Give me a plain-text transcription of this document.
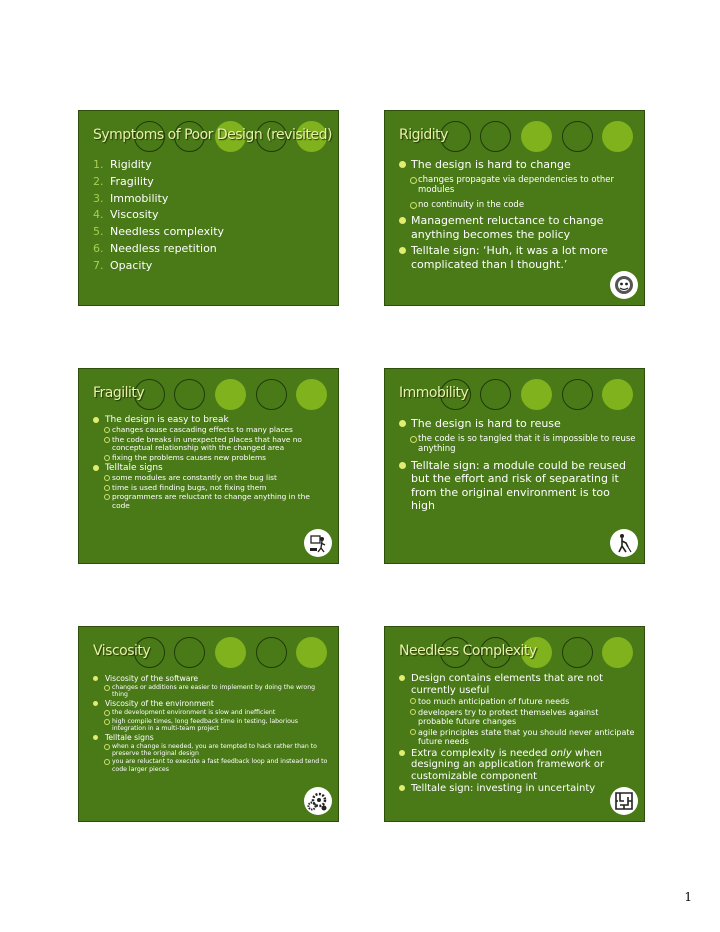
Symptoms of Poor Design (revisited)
1. Rigidity
2. Fragility
3. Immobility
4. Viscosity
5. Needless complexity
6. Needless repetition
7. Opacity
Rigidity
The design is hard to change
changes propagate via dependencies to other modules
no continuity in the code
Management reluctance to change anything becomes the policy
Telltale sign: ‘Huh, it was a lot more complicated than I thought.’
Fragility
The design is easy to break
changes cause cascading effects to many places
the code breaks in unexpected places that have no conceptual relationship with the changed area
fixing the problems causes new problems
Telltale signs
some modules are constantly on the bug list
time is used finding bugs, not fixing them
programmers are reluctant to change anything in the code
Immobility
The design is hard to reuse
the code is so tangled that it is impossible to reuse anything
Telltale sign: a module could be reused but the effort and risk of separating it from the original environment is too high
Viscosity
Viscosity of the software
changes or additions are easier to implement by doing the wrong thing
Viscosity of the environment
the development environment is slow and inefficient
high compile times, long feedback time in testing, laborious integration in a multi-team project
Telltale signs
when a change is needed, you are tempted to hack rather than to preserve the original design
you are reluctant to execute a fast feedback loop and instead tend to code larger pieces
Needless Complexity
Design contains elements that are not currently useful
too much anticipation of future needs
developers try to protect themselves against probable future changes
agile principles state that you should never anticipate future needs
Extra complexity is needed only when designing an application framework or customizable component
Telltale sign: investing in uncertainty
1
